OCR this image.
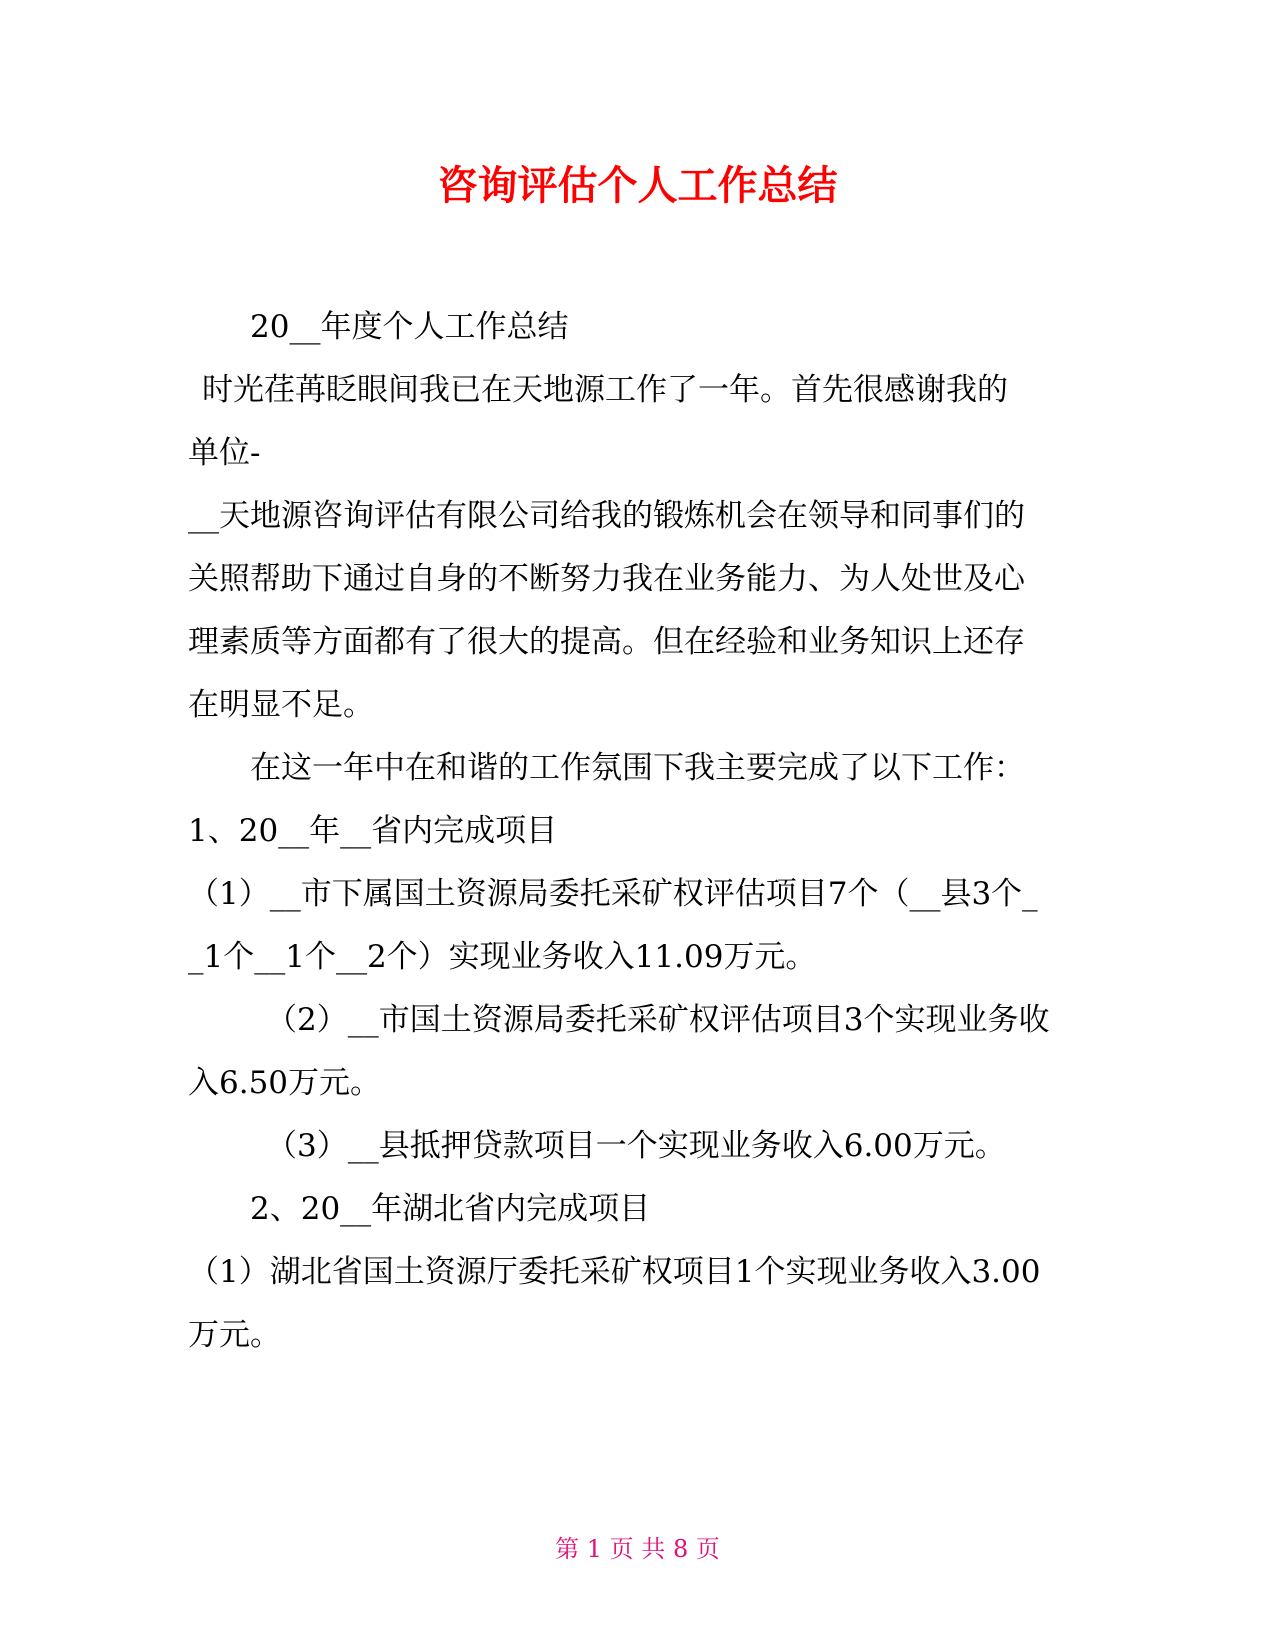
咨询评估个人工作总结

20__年度个人工作总结

时光荏苒眨眼间我已在天地源工作了一年。首先很感谢我的

单位-

__天地源咨询评估有限公司给我的锻炼机会在领导和同事们的

关照帮助下通过自身的不断努力我在业务能力、为人处世及心

理素质等方面都有了很大的提高。但在经验和业务知识上还存

在明显不足。

在这一年中在和谐的工作氛围下我主要完成了以下工作：

1、20__年__省内完成项目

（1）__市下属国土资源局委托采矿权评估项目7个（__县3个_

_1个__1个__2个）实现业务收入11.09万元。

（2）__市国土资源局委托采矿权评估项目3个实现业务收

入6.50万元。

（3）__县抵押贷款项目一个实现业务收入6.00万元。

2、20__年湖北省内完成项目

（1）湖北省国土资源厅委托采矿权项目1个实现业务收入3.00

万元。

第 1 页 共 8 页
